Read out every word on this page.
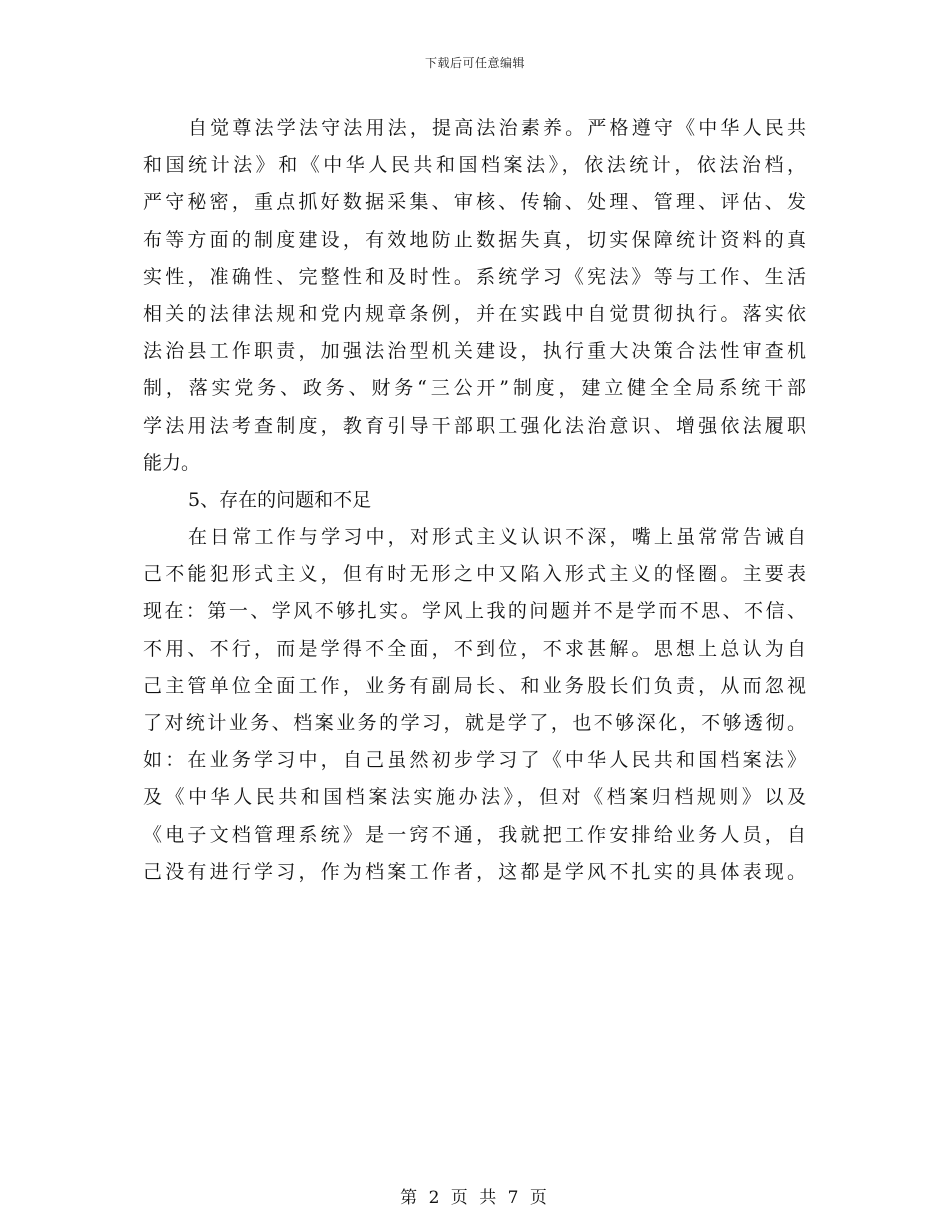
下载后可任意编辑
自觉尊法学法守法用法，提高法治素养。严格遵守《中华人民共
和国统计法》和《中华人民共和国档案法》，依法统计，依法治档，
严守秘密，重点抓好数据采集、审核、传输、处理、管理、评估、发
布等方面的制度建设，有效地防止数据失真，切实保障统计资料的真
实性，准确性、完整性和及时性。系统学习《宪法》等与工作、生活
相关的法律法规和党内规章条例，并在实践中自觉贯彻执行。落实依
法治县工作职责，加强法治型机关建设，执行重大决策合法性审查机
制，落实党务、政务、财务“三公开”制度，建立健全全局系统干部
学法用法考查制度，教育引导干部职工强化法治意识、增强依法履职
能力。
5、存在的问题和不足
在日常工作与学习中，对形式主义认识不深，嘴上虽常常告诫自
己不能犯形式主义，但有时无形之中又陷入形式主义的怪圈。主要表
现在：第一、学风不够扎实。学风上我的问题并不是学而不思、不信、
不用、不行，而是学得不全面，不到位，不求甚解。思想上总认为自
己主管单位全面工作，业务有副局长、和业务股长们负责，从而忽视
了对统计业务、档案业务的学习，就是学了，也不够深化，不够透彻。
如：在业务学习中，自己虽然初步学习了《中华人民共和国档案法》
及《中华人民共和国档案法实施办法》，但对《档案归档规则》以及
《电子文档管理系统》是一窍不通，我就把工作安排给业务人员，自
己没有进行学习，作为档案工作者，这都是学风不扎实的具体表现。
第 2 页 共 7 页
